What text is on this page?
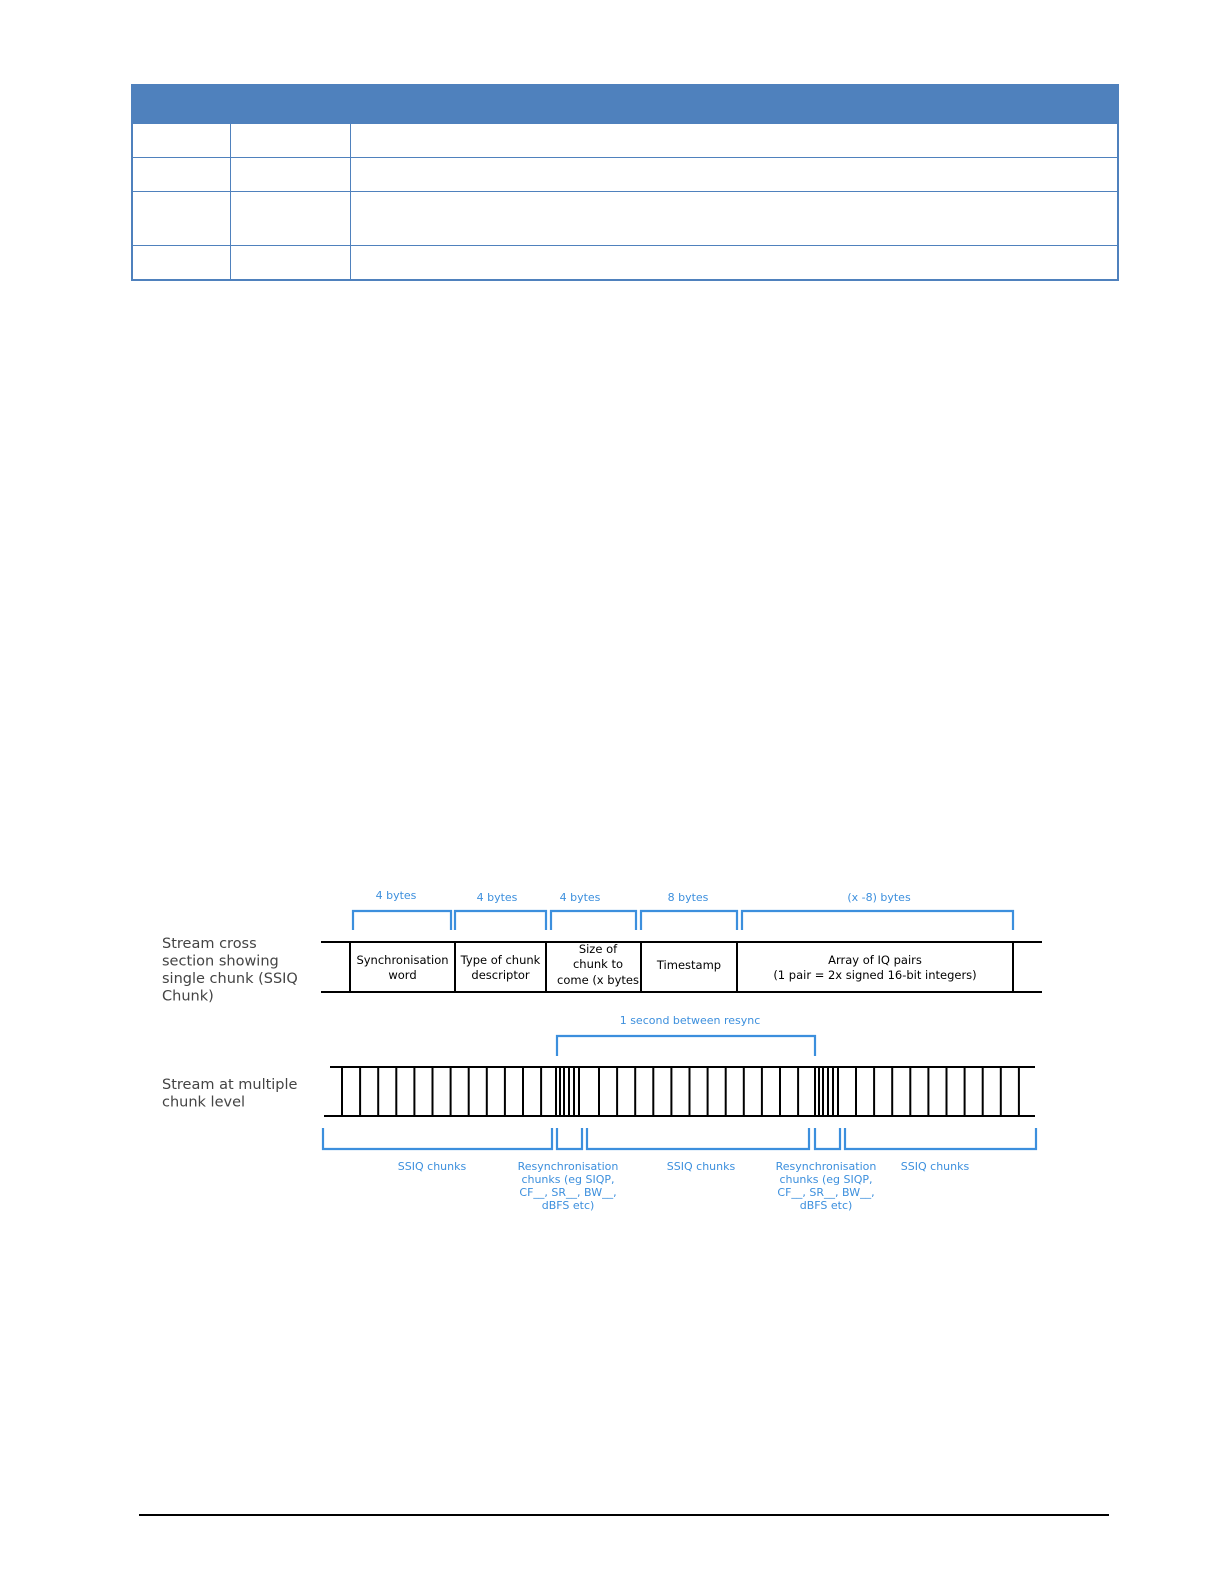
Stream cross section showing single chunk (SSIQ Chunk)
4 bytes
Synchronisation word
4 bytes
Type of chunk descriptor
4 bytes
Size of chunk to come (x bytes
8 bytes
Timestamp
(x -8) bytes
Array of IQ pairs (1 pair = 2x signed 16-bit integers)
Stream at multiple chunk level
1 second between resync
SSIQ chunks	Resynchronisation chunks (eg SIQP, CF__, SR__, BW__, dBFS etc)
SSIQ chunks	Resynchronisation chunks (eg SIQP, CF__, SR__, BW__, dBFS etc)
SSIQ chunks
